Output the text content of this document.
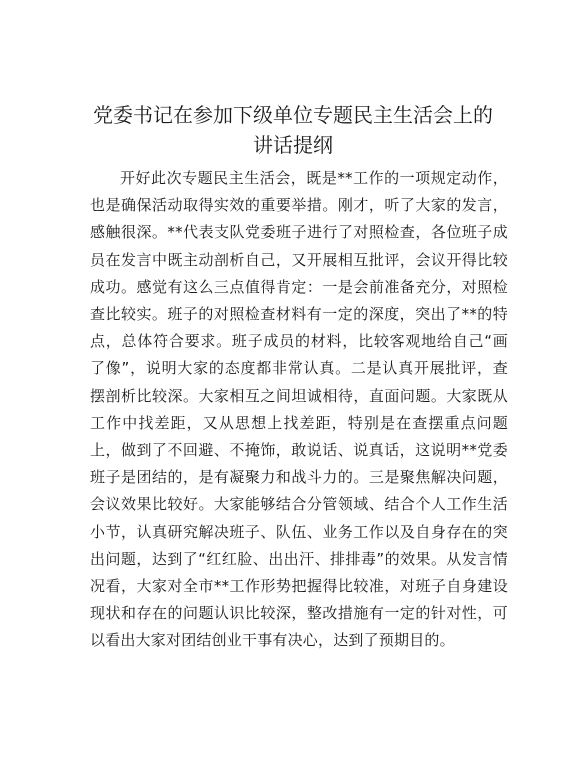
党委书记在参加下级单位专题民主生活会上的
讲话提纲

开好此次专题民主生活会，既是**工作的一项规定动作，也是确保活动取得实效的重要举措。刚才，听了大家的发言，感触很深。**代表支队党委班子进行了对照检查，各位班子成员在发言中既主动剖析自己，又开展相互批评，会议开得比较成功。感觉有这么三点值得肯定：一是会前准备充分，对照检查比较实。班子的对照检查材料有一定的深度，突出了**的特点，总体符合要求。班子成员的材料，比较客观地给自己“画了像”，说明大家的态度都非常认真。二是认真开展批评，查摆剖析比较深。大家相互之间坦诚相待，直面问题。大家既从工作中找差距，又从思想上找差距，特别是在查摆重点问题上，做到了不回避、不掩饰，敢说话、说真话，这说明**党委班子是团结的，是有凝聚力和战斗力的。三是聚焦解决问题，会议效果比较好。大家能够结合分管领域、结合个人工作生活小节，认真研究解决班子、队伍、业务工作以及自身存在的突出问题，达到了“红红脸、出出汗、排排毒”的效果。从发言情况看，大家对全市**工作形势把握得比较准，对班子自身建设现状和存在的问题认识比较深，整改措施有一定的针对性，可以看出大家对团结创业干事有决心，达到了预期目的。
